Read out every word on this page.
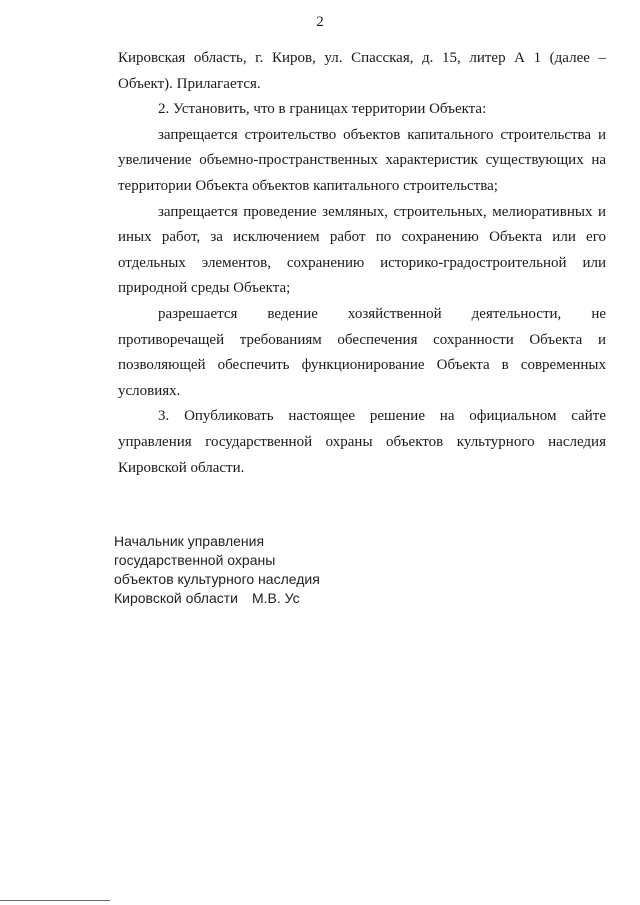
2

Кировская область, г. Киров, ул. Спасская, д. 15, литер А 1 (далее – Объект). Прилагается.

2. Установить, что в границах территории Объекта:

запрещается строительство объектов капитального строительства и увеличение объемно-пространственных характеристик существующих на территории Объекта объектов капитального строительства;

запрещается проведение земляных, строительных, мелиоративных и иных работ, за исключением работ по сохранению Объекта или его отдельных элементов, сохранению историко-градостроительной или природной среды Объекта;

разрешается ведение хозяйственной деятельности, не противоречащей требованиям обеспечения сохранности Объекта и позволяющей обеспечить функционирование Объекта в современных условиях.

3. Опубликовать настоящее решение на официальном сайте управления государственной охраны объектов культурного наследия Кировской области.

Начальник управления
государственной охраны
объектов культурного наследия
Кировской области М.В. Ус
